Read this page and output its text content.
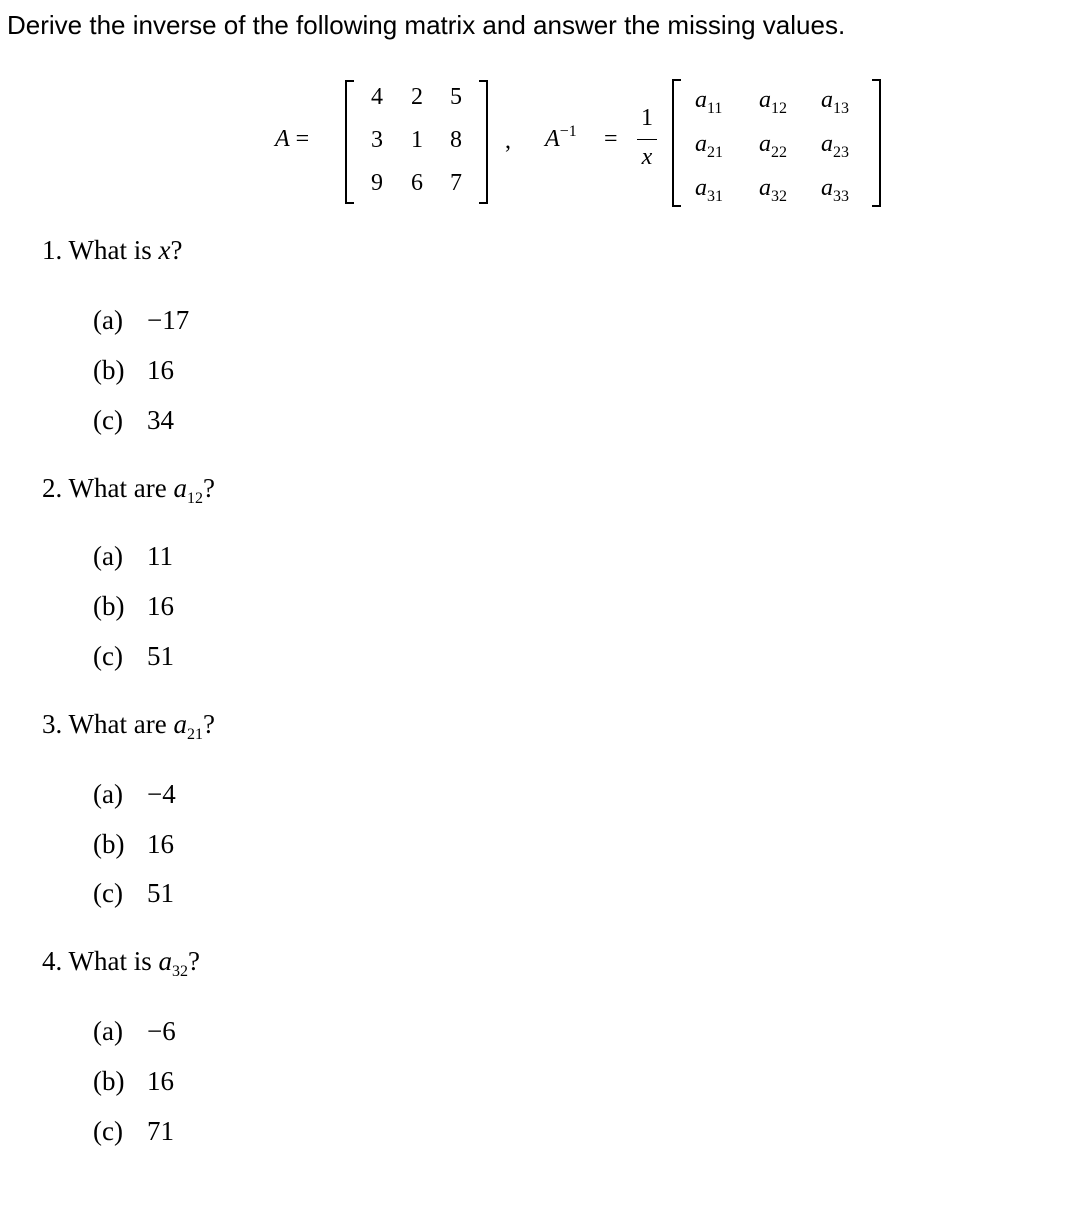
Derive the inverse of the following matrix and answer the missing values.
A =
4	2	5
3	1	8
9	6	7
, $A^{-1}$ =
1
x
$a_{11}$ $a_{12}$ $a_{13}$
$a_{21}$ $a_{22}$ $a_{23}$
$a_{31}$ $a_{32}$ $a_{33}$
1. What is x?
(a) −17
(b) 16
(c) 34
2. What are $a_{12}$?
(a) 11
(b) 16
(c) 51
3. What are $a_{21}$?
(a) −4
(b) 16
(c) 51
4. What is $a_{32}$?
(a) −6
(b) 16
(c) 71
